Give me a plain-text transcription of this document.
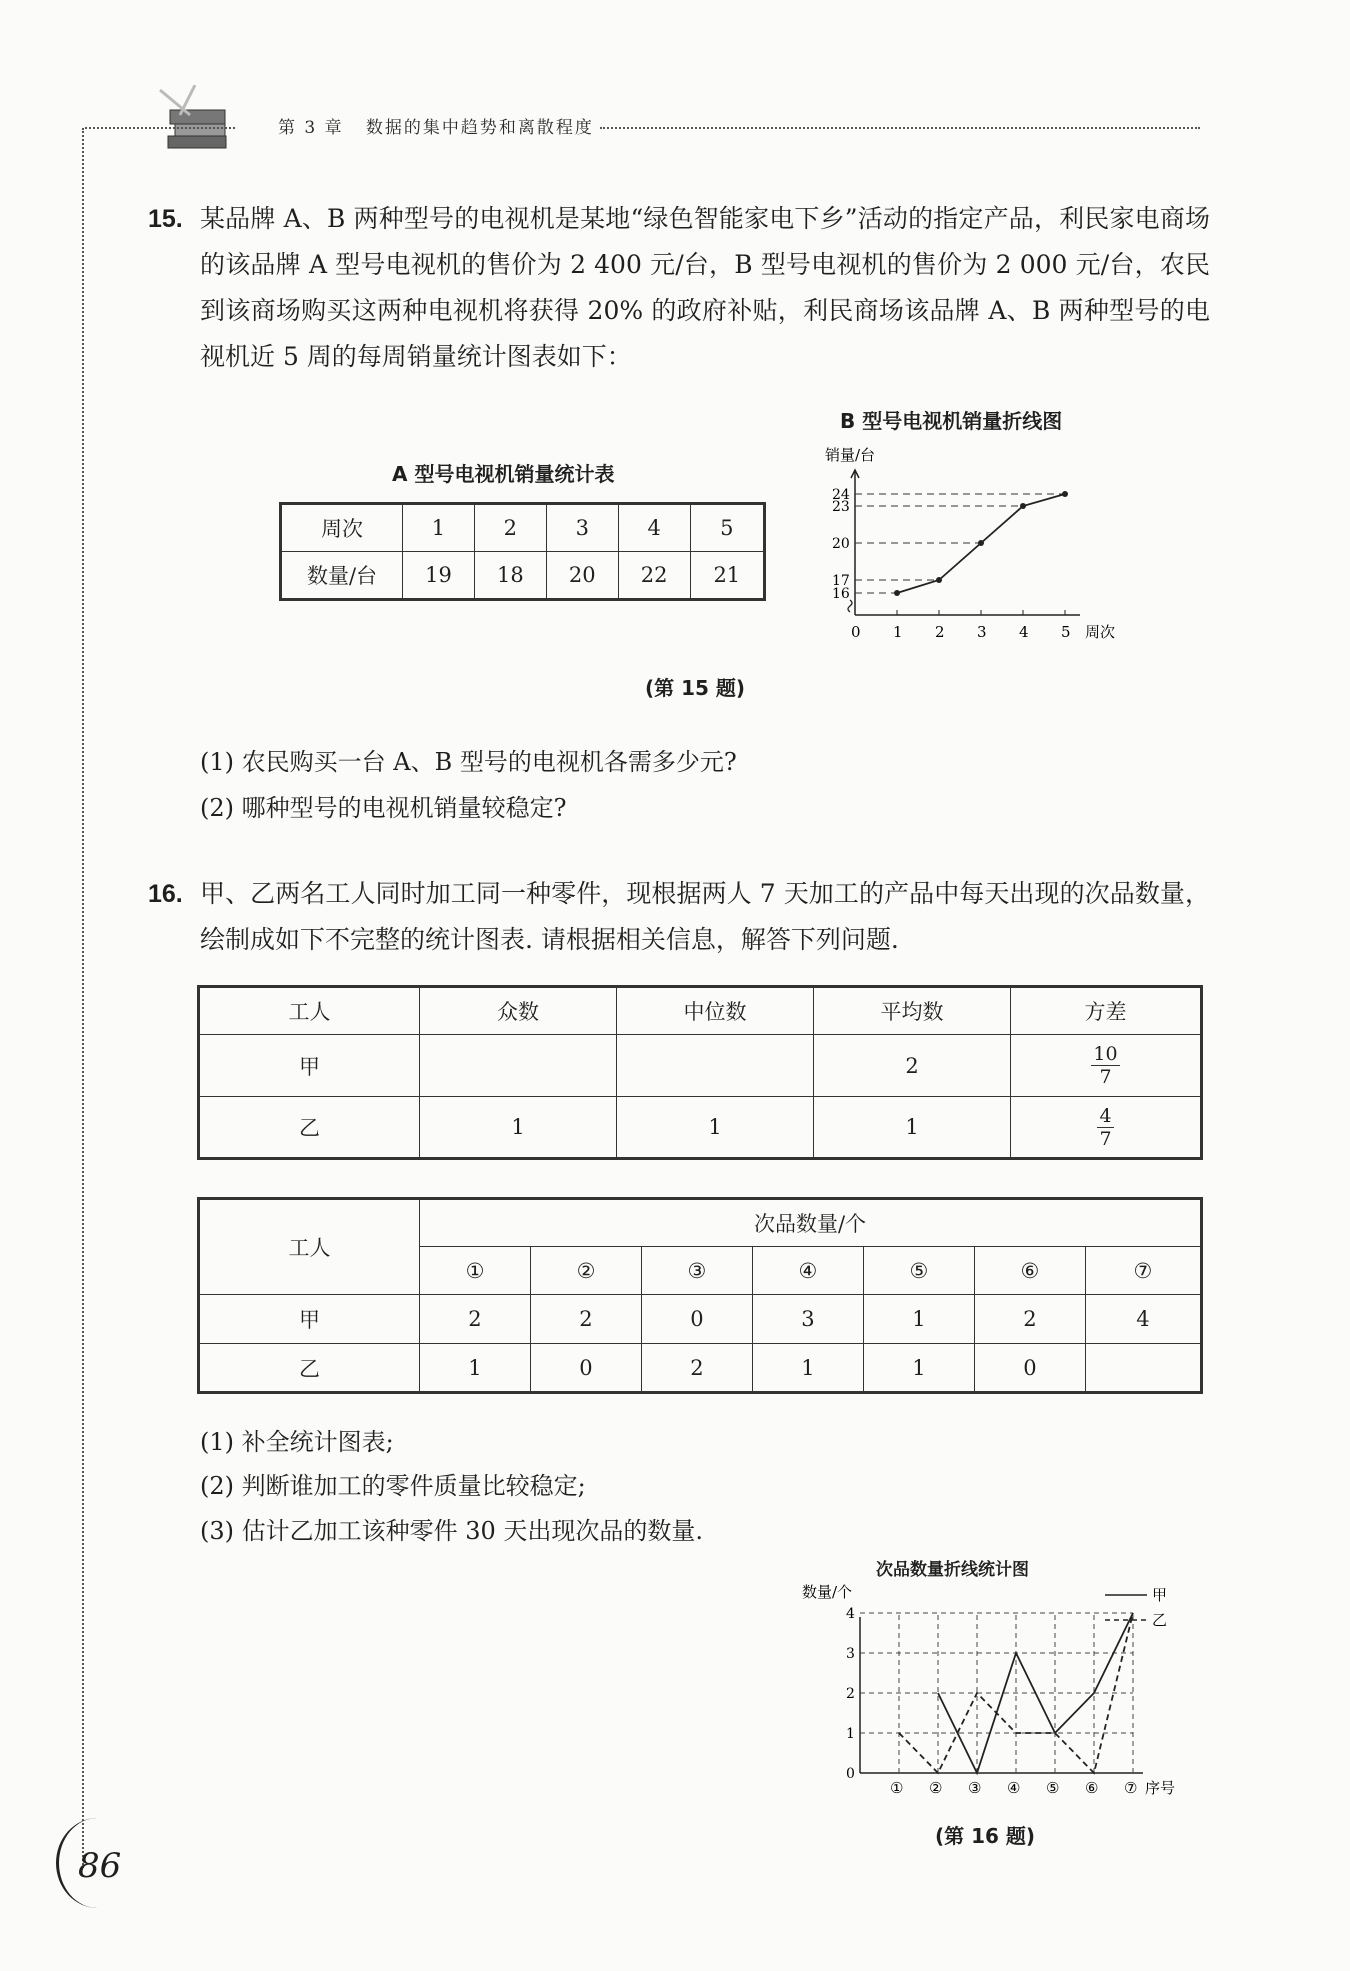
第 3 章 数据的集中趋势和离散程度
15. 某品牌 A、B 两种型号的电视机是某地“绿色智能家电下乡”活动的指定产品，利民家电商场的该品牌 A 型号电视机的售价为 2 400 元/台，B 型号电视机的售价为 2 000 元/台，农民到该商场购买这两种电视机将获得 20% 的政府补贴，利民商场该品牌 A、B 两种型号的电视机近 5 周的每周销量统计图表如下：
A 型号电视机销量统计表
周次	1	2	3	4	5
数量/台	19	18	20	22	21
B 型号电视机销量折线图
销量/台
0 1 2 3 4 5 周次
16
17
20
23
24
(第 15 题)
(1) 农民购买一台 A、B 型号的电视机各需多少元?
(2) 哪种型号的电视机销量较稳定?
16. 甲、乙两名工人同时加工同一种零件，现根据两人 7 天加工的产品中每天出现的次品数量，绘制成如下不完整的统计图表. 请根据相关信息，解答下列问题.
工人	众数	中位数	平均数	方差
甲			2	$\frac{10}{7}$

乙	1	1	1	$\frac{4}{7}$
工人	次品数量/个						
	①	②	③	④	⑤	⑥	⑦
甲	2	2	0	3	1	2	4
乙	1	0	2	1	1	0	
(1) 补全统计图表;
(2) 判断谁加工的零件质量比较稳定;
(3) 估计乙加工该种零件 30 天出现次品的数量.
次品数量折线统计图
数量/个
0
1
2
3
4
① ② ③ ④ ⑤ ⑥ ⑦ 序号
甲
乙
(第 16 题)
86
